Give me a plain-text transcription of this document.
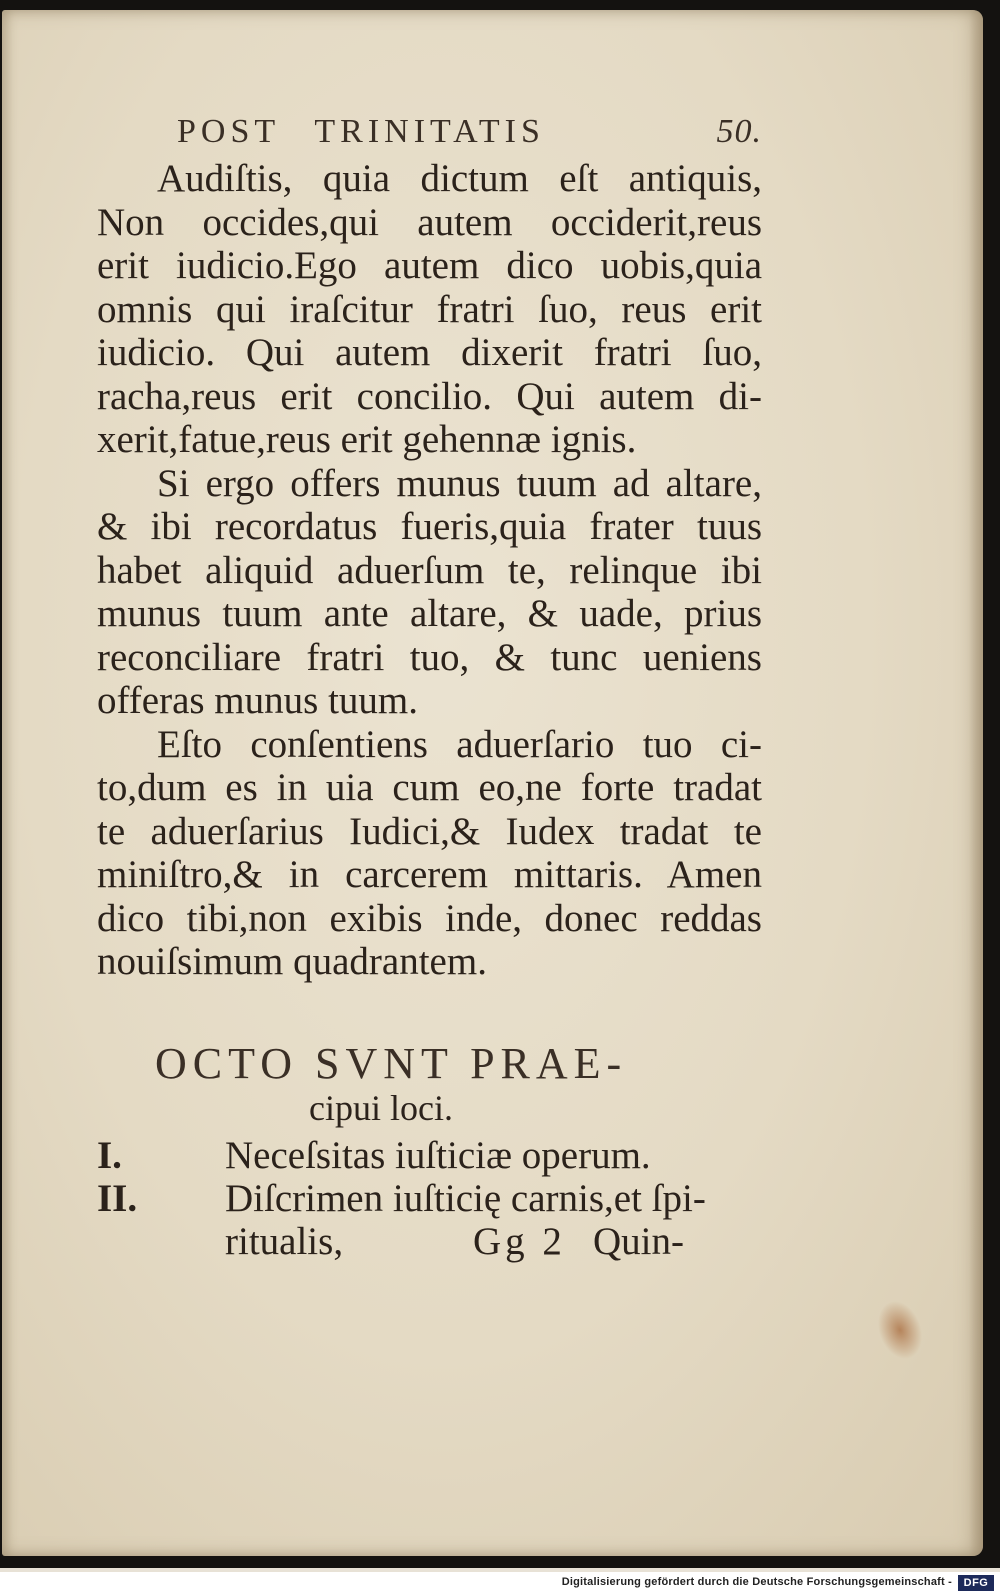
POST TRINITATIS	50.

Audiſtis, quia dictum eſt antiquis,
Non occides,qui autem occiderit,reus
erit iudicio.Ego autem dico uobis,quia
omnis qui iraſcitur fratri ſuo, reus erit
iudicio. Qui autem dixerit fratri ſuo,
racha,reus erit concilio. Qui autem di-
xerit,fatue,reus erit gehennæ ignis.

Si ergo offers munus tuum ad altare,
& ibi recordatus fueris,quia frater tuus
habet aliquid aduerſum te, relinque ibi
munus tuum ante altare, & uade, prius
reconciliare fratri tuo, & tunc ueniens
offeras munus tuum.

Eſto conſentiens aduerſario tuo ci-
to,dum es in uia cum eo,ne forte tradat
te aduerſarius Iudici,& Iudex tradat te
miniſtro,& in carcerem mittaris. Amen
dico tibi,non exibis inde, donec reddas
nouiſsimum quadrantem.

OCTO SVNT PRAE-
cipui loci.
I.	Neceſsitas iuſticiæ operum.
II.	Diſcrimen iuſticię carnis,et ſpi-
ritualis,	Gg 2 Quin-
Digitalisierung gefördert durch die Deutsche Forschungsgemeinschaft -	DFG
